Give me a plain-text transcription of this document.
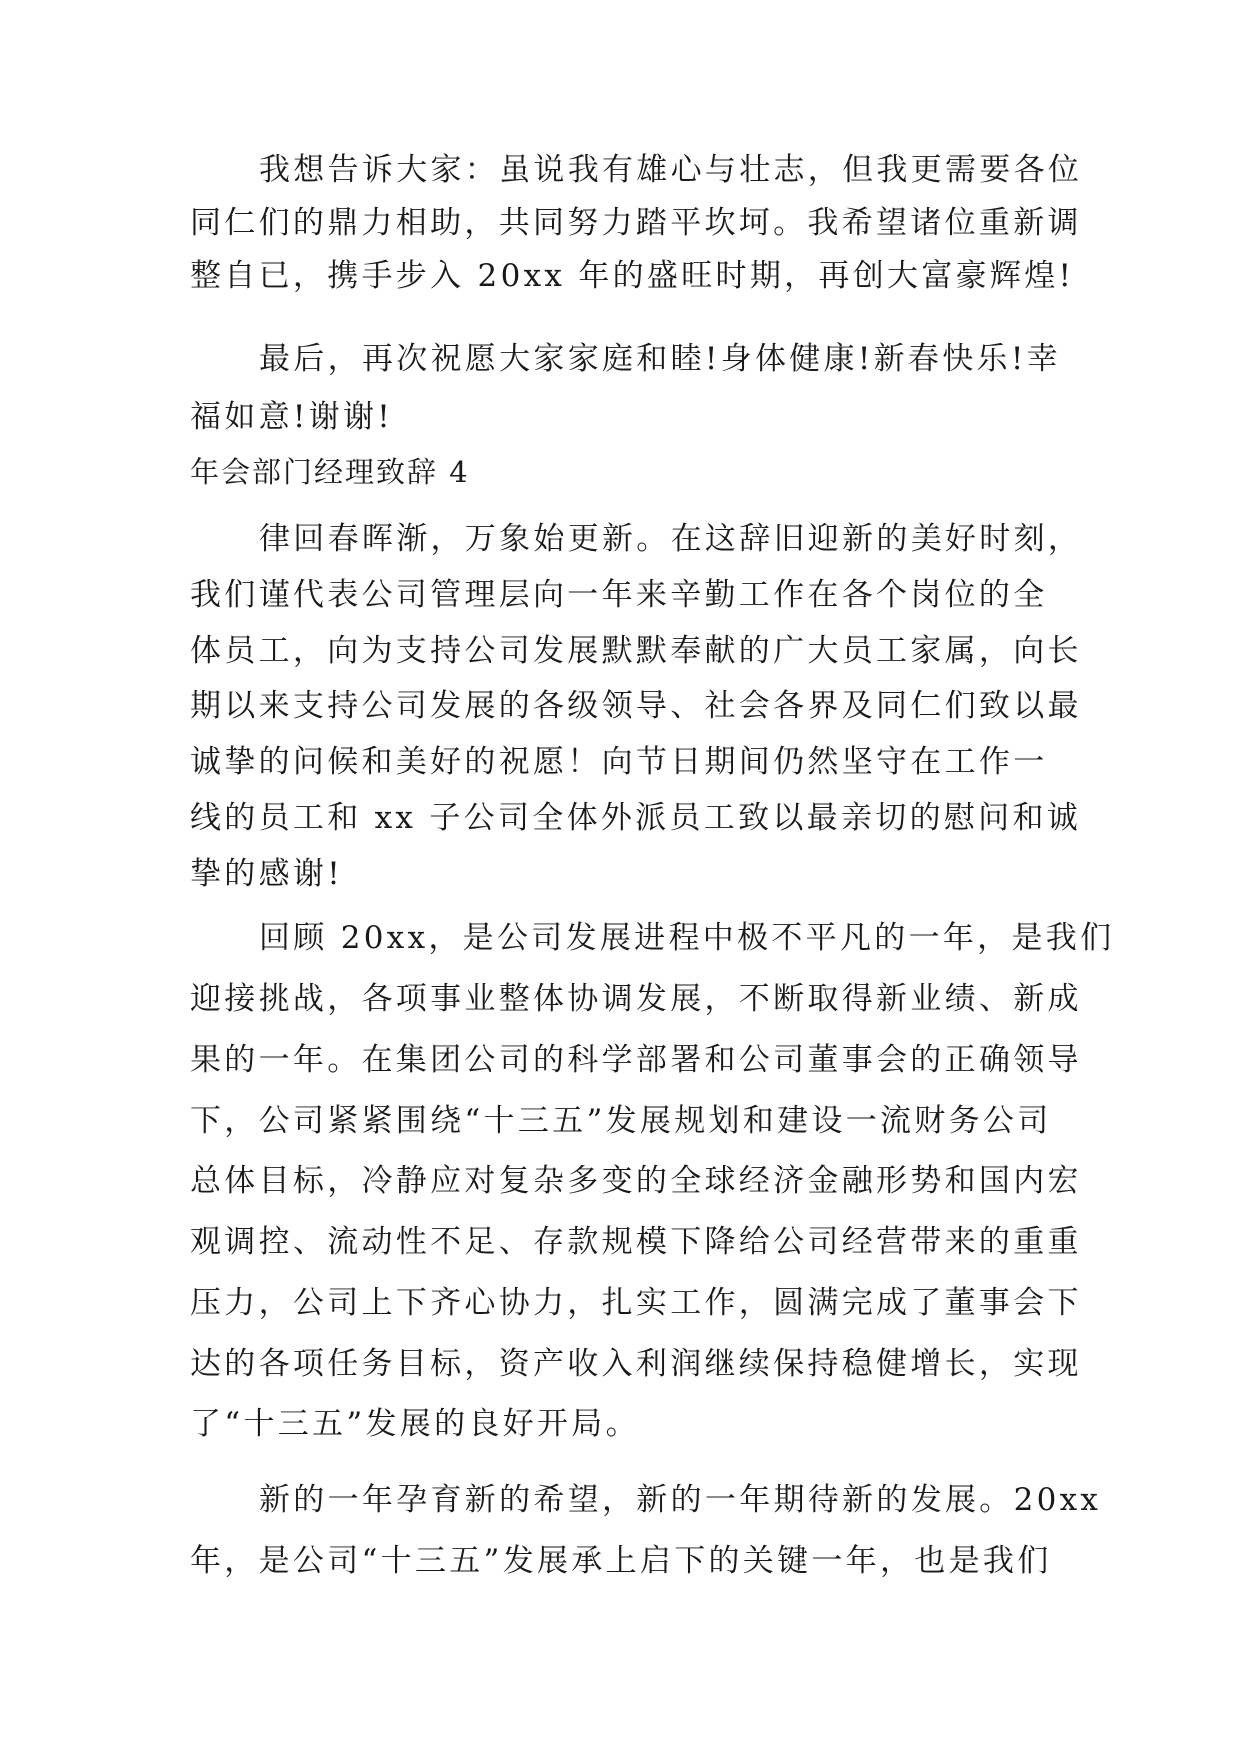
我想告诉大家：虽说我有雄心与壮志，但我更需要各位
同仁们的鼎力相助，共同努力踏平坎坷。我希望诸位重新调
整自已，携手步入 20xx 年的盛旺时期，再创大富豪辉煌!
最后，再次祝愿大家家庭和睦!身体健康!新春快乐!幸
福如意!谢谢!
年会部门经理致辞 4
律回春晖渐，万象始更新。在这辞旧迎新的美好时刻，
我们谨代表公司管理层向一年来辛勤工作在各个岗位的全
体员工，向为支持公司发展默默奉献的广大员工家属，向长
期以来支持公司发展的各级领导、社会各界及同仁们致以最
诚挚的问候和美好的祝愿！向节日期间仍然坚守在工作一
线的员工和 xx 子公司全体外派员工致以最亲切的慰问和诚
挚的感谢!
回顾 20xx，是公司发展进程中极不平凡的一年，是我们
迎接挑战，各项事业整体协调发展，不断取得新业绩、新成
果的一年。在集团公司的科学部署和公司董事会的正确领导
下，公司紧紧围绕“十三五”发展规划和建设一流财务公司
总体目标，冷静应对复杂多变的全球经济金融形势和国内宏
观调控、流动性不足、存款规模下降给公司经营带来的重重
压力，公司上下齐心协力，扎实工作，圆满完成了董事会下
达的各项任务目标，资产收入利润继续保持稳健增长，实现
了“十三五”发展的良好开局。
新的一年孕育新的希望，新的一年期待新的发展。20xx
年，是公司“十三五”发展承上启下的关键一年，也是我们
